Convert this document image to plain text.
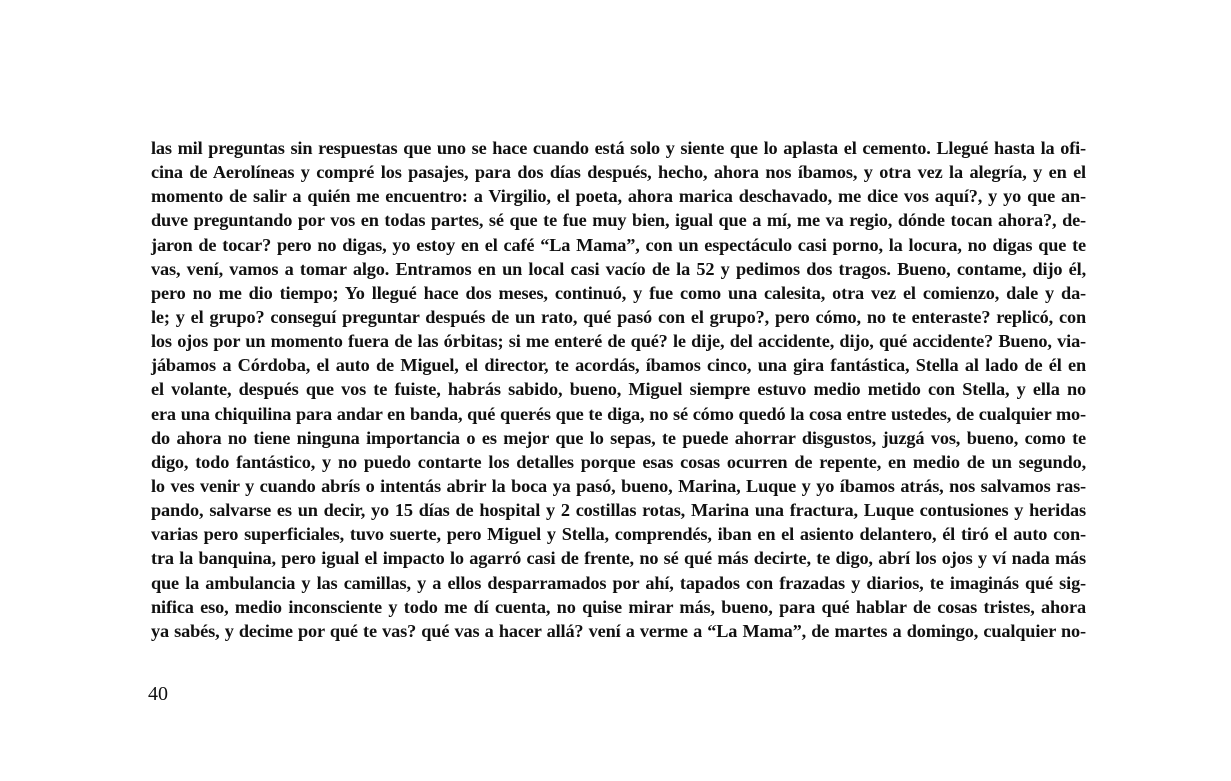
las mil preguntas sin respuestas que uno se hace cuando está solo y siente que lo aplasta el cemento. Llegué hasta la ofi-
cina de Aerolíneas y compré los pasajes, para dos días después, hecho, ahora nos íbamos, y otra vez la alegría, y en el
momento de salir a quién me encuentro: a Virgilio, el poeta, ahora marica deschavado, me dice vos aquí?, y yo que an-
duve preguntando por vos en todas partes, sé que te fue muy bien, igual que a mí, me va regio, dónde tocan ahora?, de-
jaron de tocar? pero no digas, yo estoy en el café “La Mama”, con un espectáculo casi porno, la locura, no digas que te
vas, vení, vamos a tomar algo. Entramos en un local casi vacío de la 52 y pedimos dos tragos. Bueno, contame, dijo él,
pero no me dio tiempo; Yo llegué hace dos meses, continuó, y fue como una calesita, otra vez el comienzo, dale y da-
le; y el grupo? conseguí preguntar después de un rato, qué pasó con el grupo?, pero cómo, no te enteraste? replicó, con
los ojos por un momento fuera de las órbitas; si me enteré de qué? le dije, del accidente, dijo, qué accidente? Bueno, via-
jábamos a Córdoba, el auto de Miguel, el director, te acordás, íbamos cinco, una gira fantástica, Stella al lado de él en
el volante, después que vos te fuiste, habrás sabido, bueno, Miguel siempre estuvo medio metido con Stella, y ella no
era una chiquilina para andar en banda, qué querés que te diga, no sé cómo quedó la cosa entre ustedes, de cualquier mo-
do ahora no tiene ninguna importancia o es mejor que lo sepas, te puede ahorrar disgustos, juzgá vos, bueno, como te
digo, todo fantástico, y no puedo contarte los detalles porque esas cosas ocurren de repente, en medio de un segundo,
lo ves venir y cuando abrís o intentás abrir la boca ya pasó, bueno, Marina, Luque y yo íbamos atrás, nos salvamos ras-
pando, salvarse es un decir, yo 15 días de hospital y 2 costillas rotas, Marina una fractura, Luque contusiones y heridas
varias pero superficiales, tuvo suerte, pero Miguel y Stella, comprendés, iban en el asiento delantero, él tiró el auto con-
tra la banquina, pero igual el impacto lo agarró casi de frente, no sé qué más decirte, te digo, abrí los ojos y ví nada más
que la ambulancia y las camillas, y a ellos desparramados por ahí, tapados con frazadas y diarios, te imaginás qué sig-
nifica eso, medio inconsciente y todo me dí cuenta, no quise mirar más, bueno, para qué hablar de cosas tristes, ahora
ya sabés, y decime por qué te vas? qué vas a hacer allá? vení a verme a “La Mama”, de martes a domingo, cualquier no-
40
